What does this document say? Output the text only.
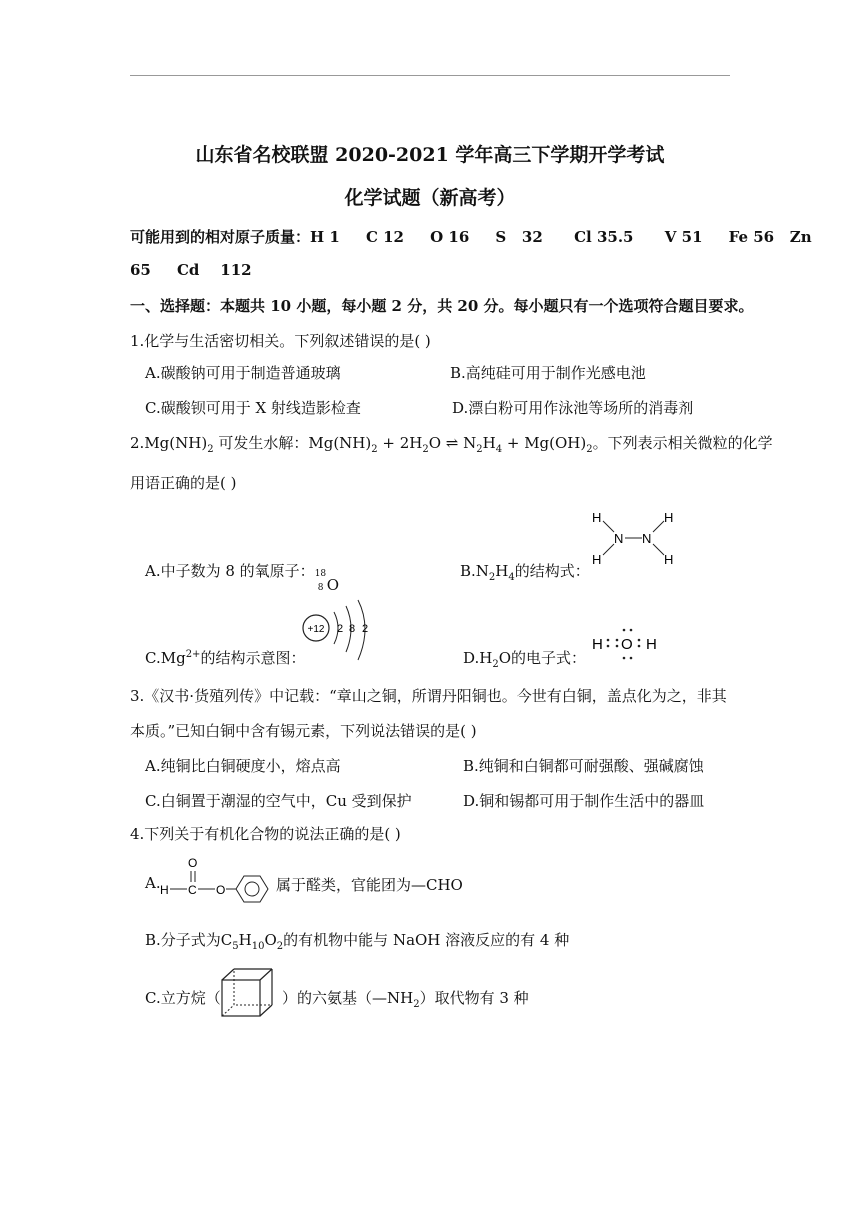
山东省名校联盟 2020-2021 学年高三下学期开学考试
化学试题（新高考）
可能用到的相对原子质量：H 1     C 12     O 16     S   32      Cl 35.5      V 51     Fe 56   Zn
65     Cd    112
一、选择题：本题共 10 小题，每小题 2 分，共 20 分。每小题只有一个选项符合题目要求。
1.化学与生活密切相关。下列叙述错误的是( )
A.碳酸钠可用于制造普通玻璃	B.高纯硅可用于制作光感电池
C.碳酸钡可用于 X 射线造影检查	D.漂白粉可用作泳池等场所的消毒剂
$2.Mg(NH)_2$ 可发生水解：$Mg(NH)_2 + 2H_2O$ ⇌ $N_2H_4 + Mg(OH)_2$。下列表示相关微粒的化学
用语正确的是( )
A.中子数为 8 的氧原子： 18
8 O
$B.N_2H_4$的结构式：
H	H
H	H
N N
$C.Mg^{2+}$的结构示意图：
+12 2 8 2
$D.H_2O$的电子式：
H	H
O
3.《汉书·货殖列传》中记载：“章山之铜，所谓丹阳铜也。今世有白铜，盖点化为之，非其
本质。”已知白铜中含有锡元素，下列说法错误的是( )
A.纯铜比白铜硬度小，熔点高	B.纯铜和白铜都可耐强酸、强碱腐蚀
C.白铜置于潮湿的空气中，Cu 受到保护	D.铜和锡都可用于制作生活中的器皿
4.下列关于有机化合物的说法正确的是( )
A.
O
H C O	属于醛类，官能团为—CHO
B.分子式为$C_5H_{10}O_2$的有机物中能与 NaOH 溶液反应的有 4 种
C.立方烷（	）的六氨基$(—NH_2)$取代物有 3 种
